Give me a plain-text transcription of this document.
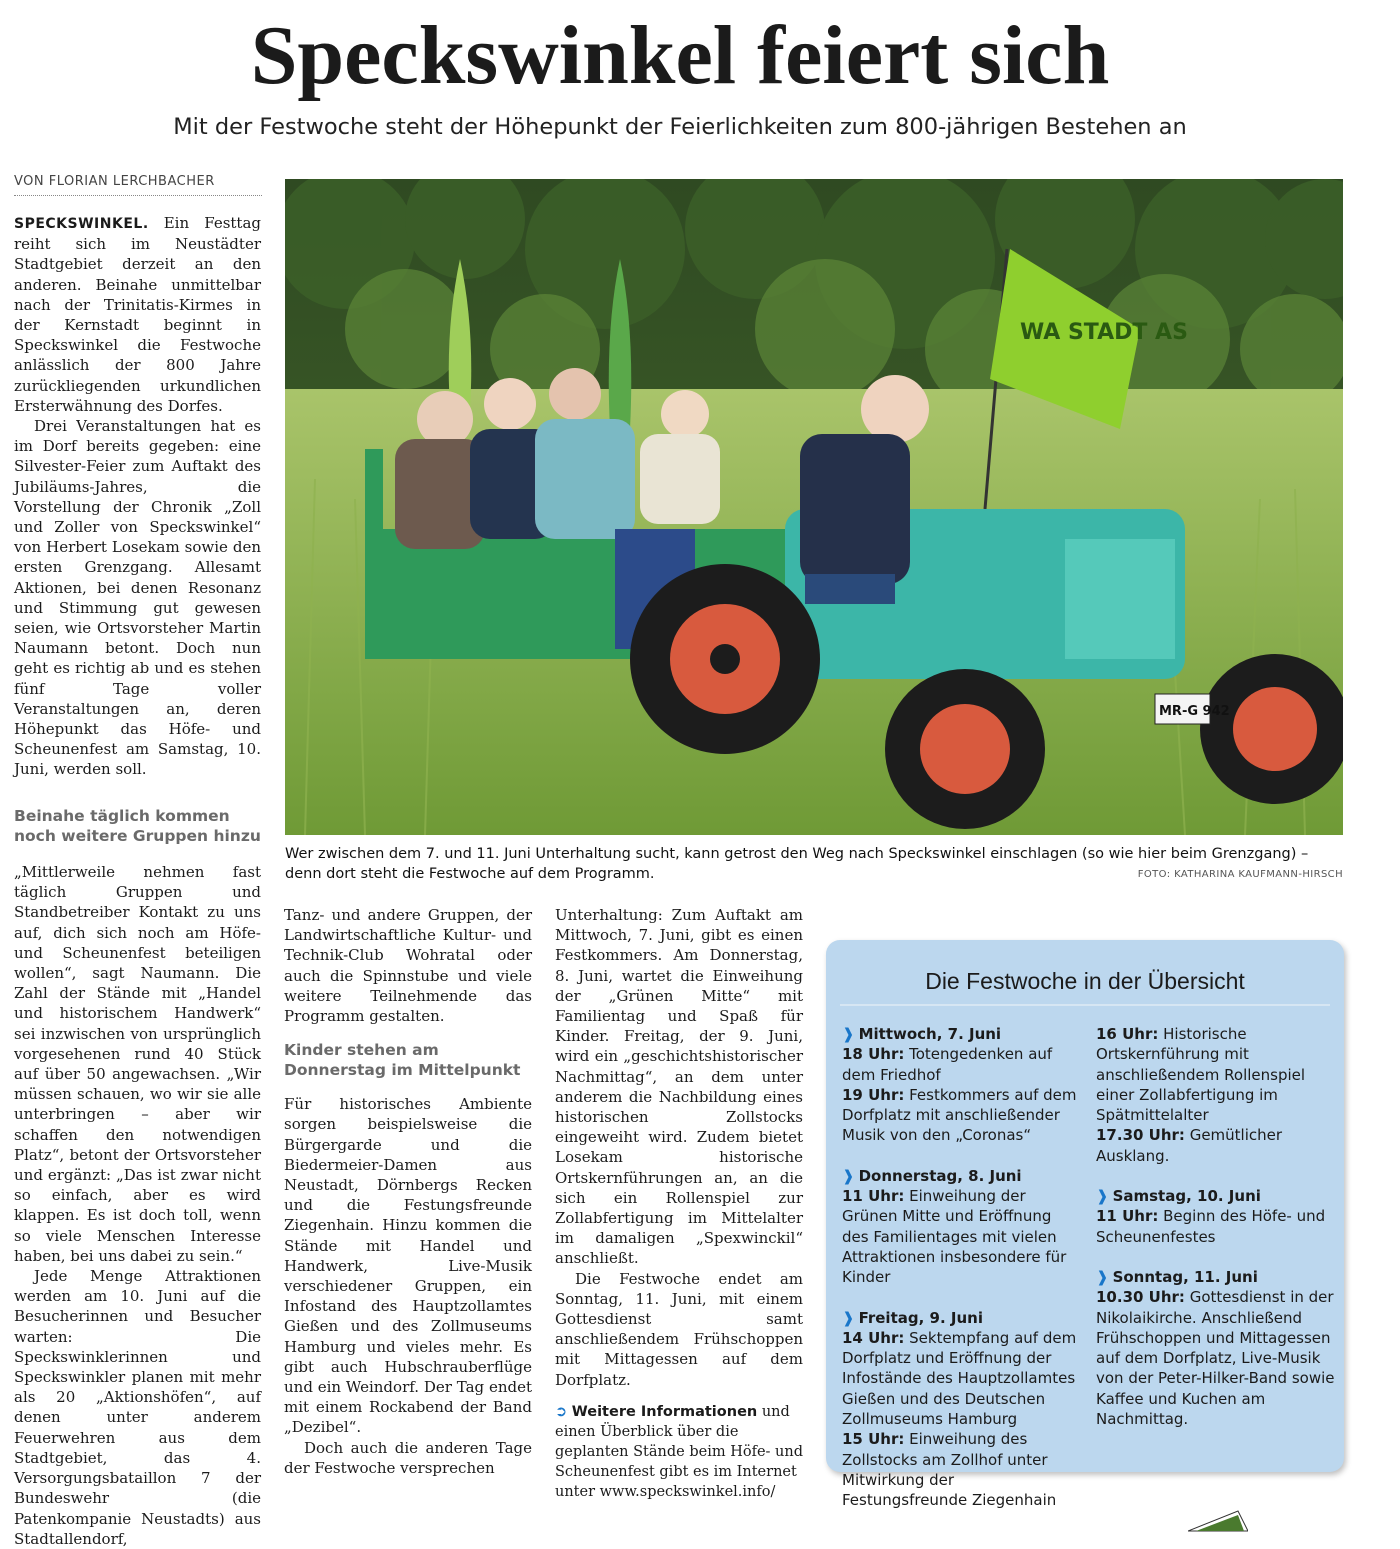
Speckswinkel feiert sich

Mit der Festwoche steht der Höhepunkt der Feierlichkeiten zum 800-jährigen Bestehen an

VON FLORIAN LERCHBACHER

SPECKSWINKEL. Ein Festtag reiht sich im Neustädter Stadtgebiet derzeit an den anderen. Beinahe unmittelbar nach der Trinitatis-Kirmes in der Kernstadt beginnt in Speckswinkel die Festwoche anlässlich der 800 Jahre zurückliegenden urkundlichen Ersterwähnung des Dorfes.

Drei Veranstaltungen hat es im Dorf bereits gegeben: eine Silvester-Feier zum Auftakt des Jubiläums-Jahres, die Vorstellung der Chronik „Zoll und Zoller von Speckswinkel“ von Herbert Losekam sowie den ersten Grenzgang. Allesamt Aktionen, bei denen Resonanz und Stimmung gut gewesen seien, wie Ortsvorsteher Martin Naumann betont. Doch nun geht es richtig ab und es stehen fünf Tage voller Veranstaltungen an, deren Höhepunkt das Höfe- und Scheunenfest am Samstag, 10. Juni, werden soll.

Beinahe täglich kommen noch weitere Gruppen hinzu

„Mittlerweile nehmen fast täglich Gruppen und Standbetreiber Kontakt zu uns auf, dich sich noch am Höfe- und Scheunenfest beteiligen wollen“, sagt Naumann. Die Zahl der Stände mit „Handel und historischem Handwerk“ sei inzwischen von ursprünglich vorgesehenen rund 40 Stück auf über 50 angewachsen. „Wir müssen schauen, wo wir sie alle unterbringen – aber wir schaffen den notwendigen Platz“, betont der Ortsvorsteher und ergänzt: „Das ist zwar nicht so einfach, aber es wird klappen. Es ist doch toll, wenn so viele Menschen Interesse haben, bei uns dabei zu sein.“

Jede Menge Attraktionen werden am 10. Juni auf die Besucherinnen und Besucher warten: Die Speckswinklerinnen und Speckswinkler planen mit mehr als 20 „Aktionshöfen“, auf denen unter anderem Feuerwehren aus dem Stadtgebiet, das 4. Versorgungsbataillon 7 der Bundeswehr (die Patenkompanie Neustadts) aus Stadtallendorf,

WA STADT AS
MR-G 942
Wer zwischen dem 7. und 11. Juni Unterhaltung sucht, kann getrost den Weg nach Speckswinkel einschlagen (so wie hier beim Grenzgang) – denn dort steht die Festwoche auf dem Programm.	FOTO: KATHARINA KAUFMANN-HIRSCH

Tanz- und andere Gruppen, der Landwirtschaftliche Kultur- und Technik-Club Wohratal oder auch die Spinnstube und viele weitere Teilnehmende das Programm gestalten.

Kinder stehen am Donnerstag im Mittelpunkt

Für historisches Ambiente sorgen beispielsweise die Bürgergarde und die Biedermeier-Damen aus Neustadt, Dörnbergs Recken und die Festungsfreunde Ziegenhain. Hinzu kommen die Stände mit Handel und Handwerk, Live-Musik verschiedener Gruppen, ein Infostand des Hauptzollamtes Gießen und des Zollmuseums Hamburg und vieles mehr. Es gibt auch Hubschrauberflüge und ein Weindorf. Der Tag endet mit einem Rockabend der Band „Dezibel“.

Doch auch die anderen Tage der Festwoche versprechen

Unterhaltung: Zum Auftakt am Mittwoch, 7. Juni, gibt es einen Festkommers. Am Donnerstag, 8. Juni, wartet die Einweihung der „Grünen Mitte“ mit Familientag und Spaß für Kinder. Freitag, der 9. Juni, wird ein „geschichtshistorischer Nachmittag“, an dem unter anderem die Nachbildung eines historischen Zollstocks eingeweiht wird. Zudem bietet Losekam historische Ortskernführungen an, an die sich ein Rollenspiel zur Zollabfertigung im Mittelalter im damaligen „Spexwinckil“ anschließt.

Die Festwoche endet am Sonntag, 11. Juni, mit einem Gottesdienst samt anschließendem Frühschoppen mit Mittagessen auf dem Dorfplatz.

➲ Weitere Informationen und einen Überblick über die geplanten Stände beim Höfe- und Scheunenfest gibt es im Internet unter www.speckswinkel.info/

Die Festwoche in der Übersicht
❱ Mittwoch, 7. Juni
18 Uhr: Totengedenken auf dem Friedhof
19 Uhr: Festkommers auf dem Dorfplatz mit anschließender Musik von den „Coronas“
❱ Donnerstag, 8. Juni
11 Uhr: Einweihung der Grünen Mitte und Eröffnung des Familientages mit vielen Attraktionen insbesondere für Kinder
❱ Freitag, 9. Juni
14 Uhr: Sektempfang auf dem Dorfplatz und Eröffnung der Infostände des Hauptzollamtes Gießen und des Deutschen Zollmuseums Hamburg
15 Uhr: Einweihung des Zollstocks am Zollhof unter Mitwirkung der Festungsfreunde Ziegenhain
16 Uhr: Historische Ortskernführung mit anschließendem Rollenspiel einer Zollabfertigung im Spätmittelalter
17.30 Uhr: Gemütlicher Ausklang.
❱ Samstag, 10. Juni
11 Uhr: Beginn des Höfe- und Scheunenfestes
❱ Sonntag, 11. Juni
10.30 Uhr: Gottesdienst in der Nikolaikirche. Anschließend Frühschoppen und Mittagessen auf dem Dorfplatz, Live-Musik von der Peter-Hilker-Band sowie Kaffee und Kuchen am Nachmittag.
